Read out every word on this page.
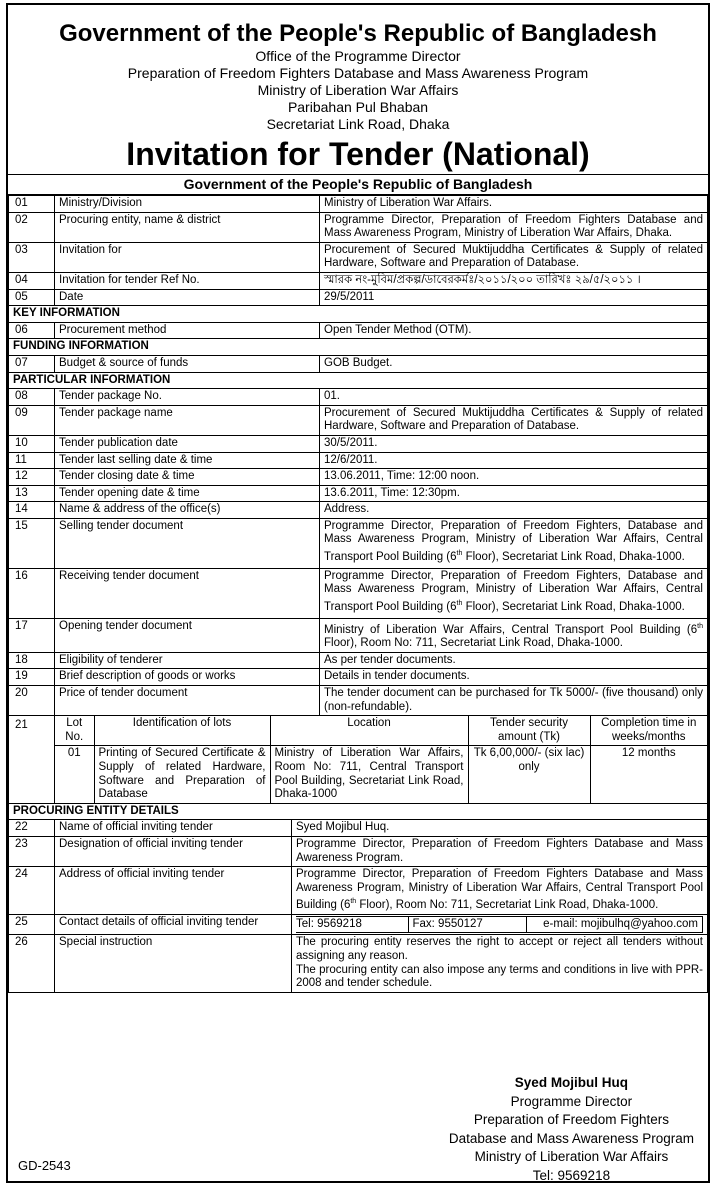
Government of the People's Republic of Bangladesh
Office of the Programme Director
Preparation of Freedom Fighters Database and Mass Awareness Program
Ministry of Liberation War Affairs
Paribahan Pul Bhaban
Secretariat Link Road, Dhaka
Invitation for Tender (National)
Government of the People's Republic of Bangladesh
01	Ministry/Division	Ministry of Liberation War Affairs.
02	Procuring entity, name & district	Programme Director, Preparation of Freedom Fighters Database and Mass Awareness Program, Ministry of Liberation War Affairs, Dhaka.
03	Invitation for	Procurement of Secured Muktijuddha Certificates & Supply of related Hardware, Software and Preparation of Database.
04	Invitation for tender Ref No.	স্মারক নং-মুবিম/প্রকল্প/ডাবেরকর্মঃ/২০১১/২০০ তারিখঃ ২৯/৫/২০১১ ।
05	Date	29/5/2011
KEY INFORMATION
06	Procurement method	Open Tender Method (OTM).
FUNDING INFORMATION
07	Budget & source of funds	GOB Budget.
PARTICULAR INFORMATION
08	Tender package No.	01.
09	Tender package name	Procurement of Secured Muktijuddha Certificates & Supply of related Hardware, Software and Preparation of Database.
10	Tender publication date	30/5/2011.
11	Tender last selling date & time	12/6/2011.
12	Tender closing date & time	13.06.2011, Time: 12:00 noon.
13	Tender opening date & time	13.6.2011, Time: 12:30pm.
14	Name & address of the office(s)	Address.
15	Selling tender document	Programme Director, Preparation of Freedom Fighters, Database and Mass Awareness Program, Ministry of Liberation War Affairs, Central Transport Pool Building (6th Floor), Secretariat Link Road, Dhaka-1000.
16	Receiving tender document	Programme Director, Preparation of Freedom Fighters, Database and Mass Awareness Program, Ministry of Liberation War Affairs, Central Transport Pool Building (6th Floor), Secretariat Link Road, Dhaka-1000.
17	Opening tender document	Ministry of Liberation War Affairs, Central Transport Pool Building (6th Floor), Room No: 711, Secretariat Link Road, Dhaka-1000.
18	Eligibility of tenderer	As per tender documents.
19	Brief description of goods or works	Details in tender documents.
20	Price of tender document	The tender document can be purchased for Tk 5000/- (five thousand) only (non-refundable).
21		Lot No.	Identification of lots	Location	Tender security amount (Tk)	Completion time in weeks/months
01	Printing of Secured Certificate & Supply of related Hardware, Software and Preparation of Database	Ministry of Liberation War Affairs, Room No: 711, Central Transport Pool Building, Secretariat Link Road, Dhaka-1000	Tk 6,00,000/- (six lac) only	12 months

PROCURING ENTITY DETAILS
22	Name of official inviting tender	Syed Mojibul Huq.
23	Designation of official inviting tender	Programme Director, Preparation of Freedom Fighters Database and Mass Awareness Program.
24	Address of official inviting tender	Programme Director, Preparation of Freedom Fighters Database and Mass Awareness Program, Ministry of Liberation War Affairs, Central Transport Pool Building (6th Floor), Room No: 711, Secretariat Link Road, Dhaka-1000.
25	Contact details of official inviting tender		Tel: 9569218	Fax: 9550127	e-mail: mojibulhq@yahoo.com

26	Special instruction	The procuring entity reserves the right to accept or reject all tenders without assigning any reason.
The procuring entity can also impose any terms and conditions in live with PPR-2008 and tender schedule.
Syed Mojibul Huq
Programme Director
Preparation of Freedom Fighters
Database and Mass Awareness Program
Ministry of Liberation War Affairs
Tel: 9569218
GD-2543
